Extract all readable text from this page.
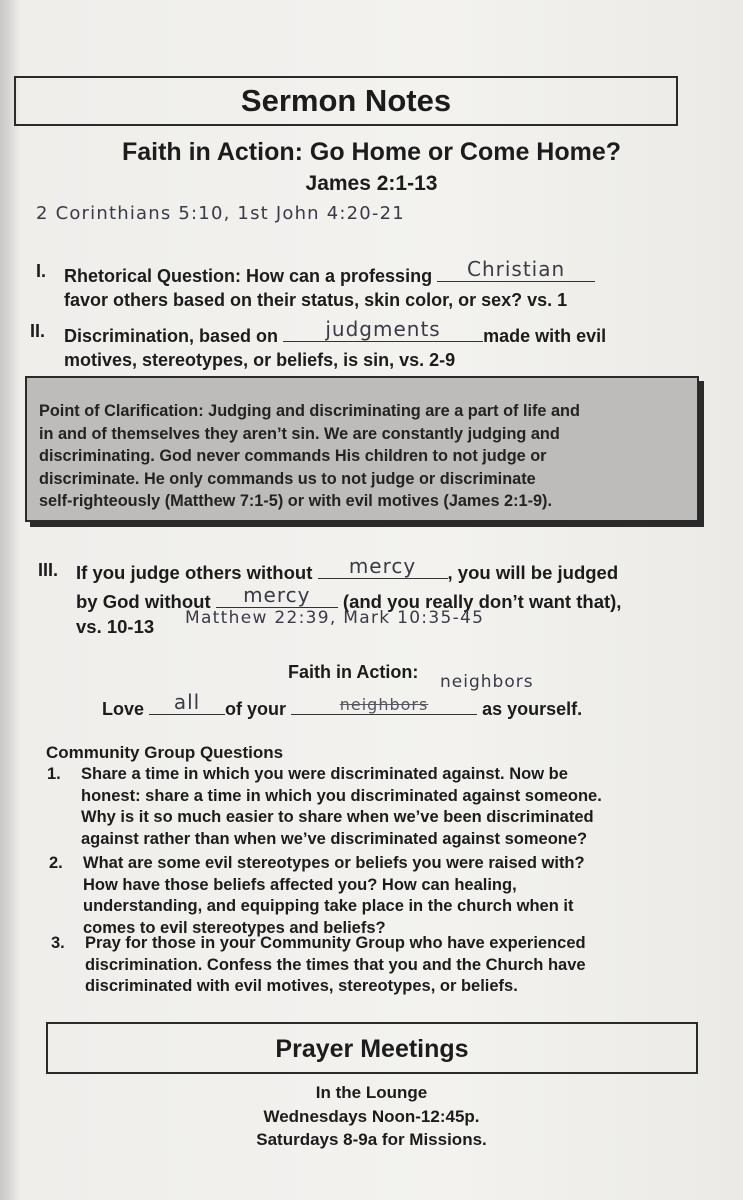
Sermon Notes
Faith in Action: Go Home or Come Home?
James 2:1-13
2 Corinthians 5:10, 1st John 4:20-21
I. Rhetorical Question: How can a professing	Christian
favor others based on their status, skin color, or sex? vs. 1
II. Discrimination, based on	judgments	made with evil
motives, stereotypes, or beliefs, is sin, vs. 2-9
Point of Clarification: Judging and discriminating are a part of life and
in and of themselves they aren’t sin. We are constantly judging and
discriminating. God never commands His children to not judge or
discriminate. He only commands us to not judge or discriminate
self-righteously (Matthew 7:1-5) or with evil motives (James 2:1-9).
III. If you judge others without	mercy	, you will be judged
by God without	mercy	(and you really don’t want that),
vs. 10-13 Matthew 22:39, Mark 10:35-45
Faith in Action: neighbors
Love	all	of your	neighbors	as yourself.
Community Group Questions
1. Share a time in which you were discriminated against. Now be
honest: share a time in which you discriminated against someone.
Why is it so much easier to share when we’ve been discriminated
against rather than when we’ve discriminated against someone?
2. What are some evil stereotypes or beliefs you were raised with?
How have those beliefs affected you? How can healing,
understanding, and equipping take place in the church when it
comes to evil stereotypes and beliefs?
3. Pray for those in your Community Group who have experienced
discrimination. Confess the times that you and the Church have
discriminated with evil motives, stereotypes, or beliefs.
Prayer Meetings
In the Lounge
Wednesdays Noon-12:45p.
Saturdays 8-9a for Missions.
